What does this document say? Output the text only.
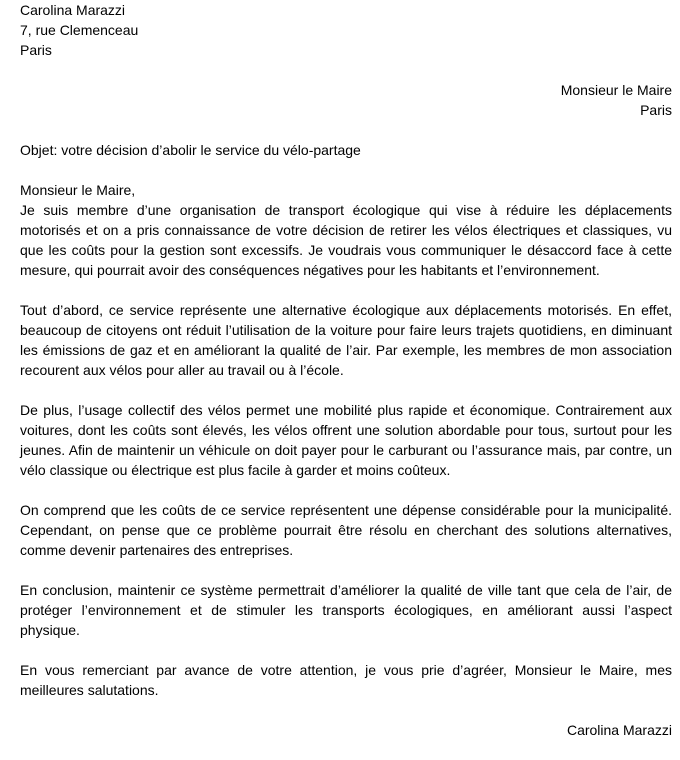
Carolina Marazzi

7, rue Clemenceau

Paris

Monsieur le Maire

Paris

Objet: votre décision d’abolir le service du vélo-partage

Monsieur le Maire,

Je suis membre d’une organisation de transport écologique qui vise à réduire les déplacements motorisés et on a pris connaissance de votre décision de retirer les vélos électriques et classiques, vu que les coûts pour la gestion sont excessifs. Je voudrais vous communiquer le désaccord face à cette mesure, qui pourrait avoir des conséquences négatives pour les habitants et l’environnement.

Tout d’abord, ce service représente une alternative écologique aux déplacements motorisés. En effet, beaucoup de citoyens ont réduit l’utilisation de la voiture pour faire leurs trajets quotidiens, en diminuant les émissions de gaz et en améliorant la qualité de l’air. Par exemple, les membres de mon association recourent aux vélos pour aller au travail ou à l’école.

De plus, l’usage collectif des vélos permet une mobilité plus rapide et économique. Contrairement aux voitures, dont les coûts sont élevés, les vélos offrent une solution abordable pour tous, surtout pour les jeunes. Afin de maintenir un véhicule on doit payer pour le carburant ou l’assurance mais, par contre, un vélo classique ou électrique est plus facile à garder et moins coûteux.

On comprend que les coûts de ce service représentent une dépense considérable pour la municipalité. Cependant, on pense que ce problème pourrait être résolu en cherchant des solutions alternatives, comme devenir partenaires des entreprises.

En conclusion, maintenir ce système permettrait d’améliorer la qualité de ville tant que cela de l’air, de protéger l’environnement et de stimuler les transports écologiques, en améliorant aussi l’aspect physique.

En vous remerciant par avance de votre attention, je vous prie d’agréer, Monsieur le Maire, mes meilleures salutations.

Carolina Marazzi
